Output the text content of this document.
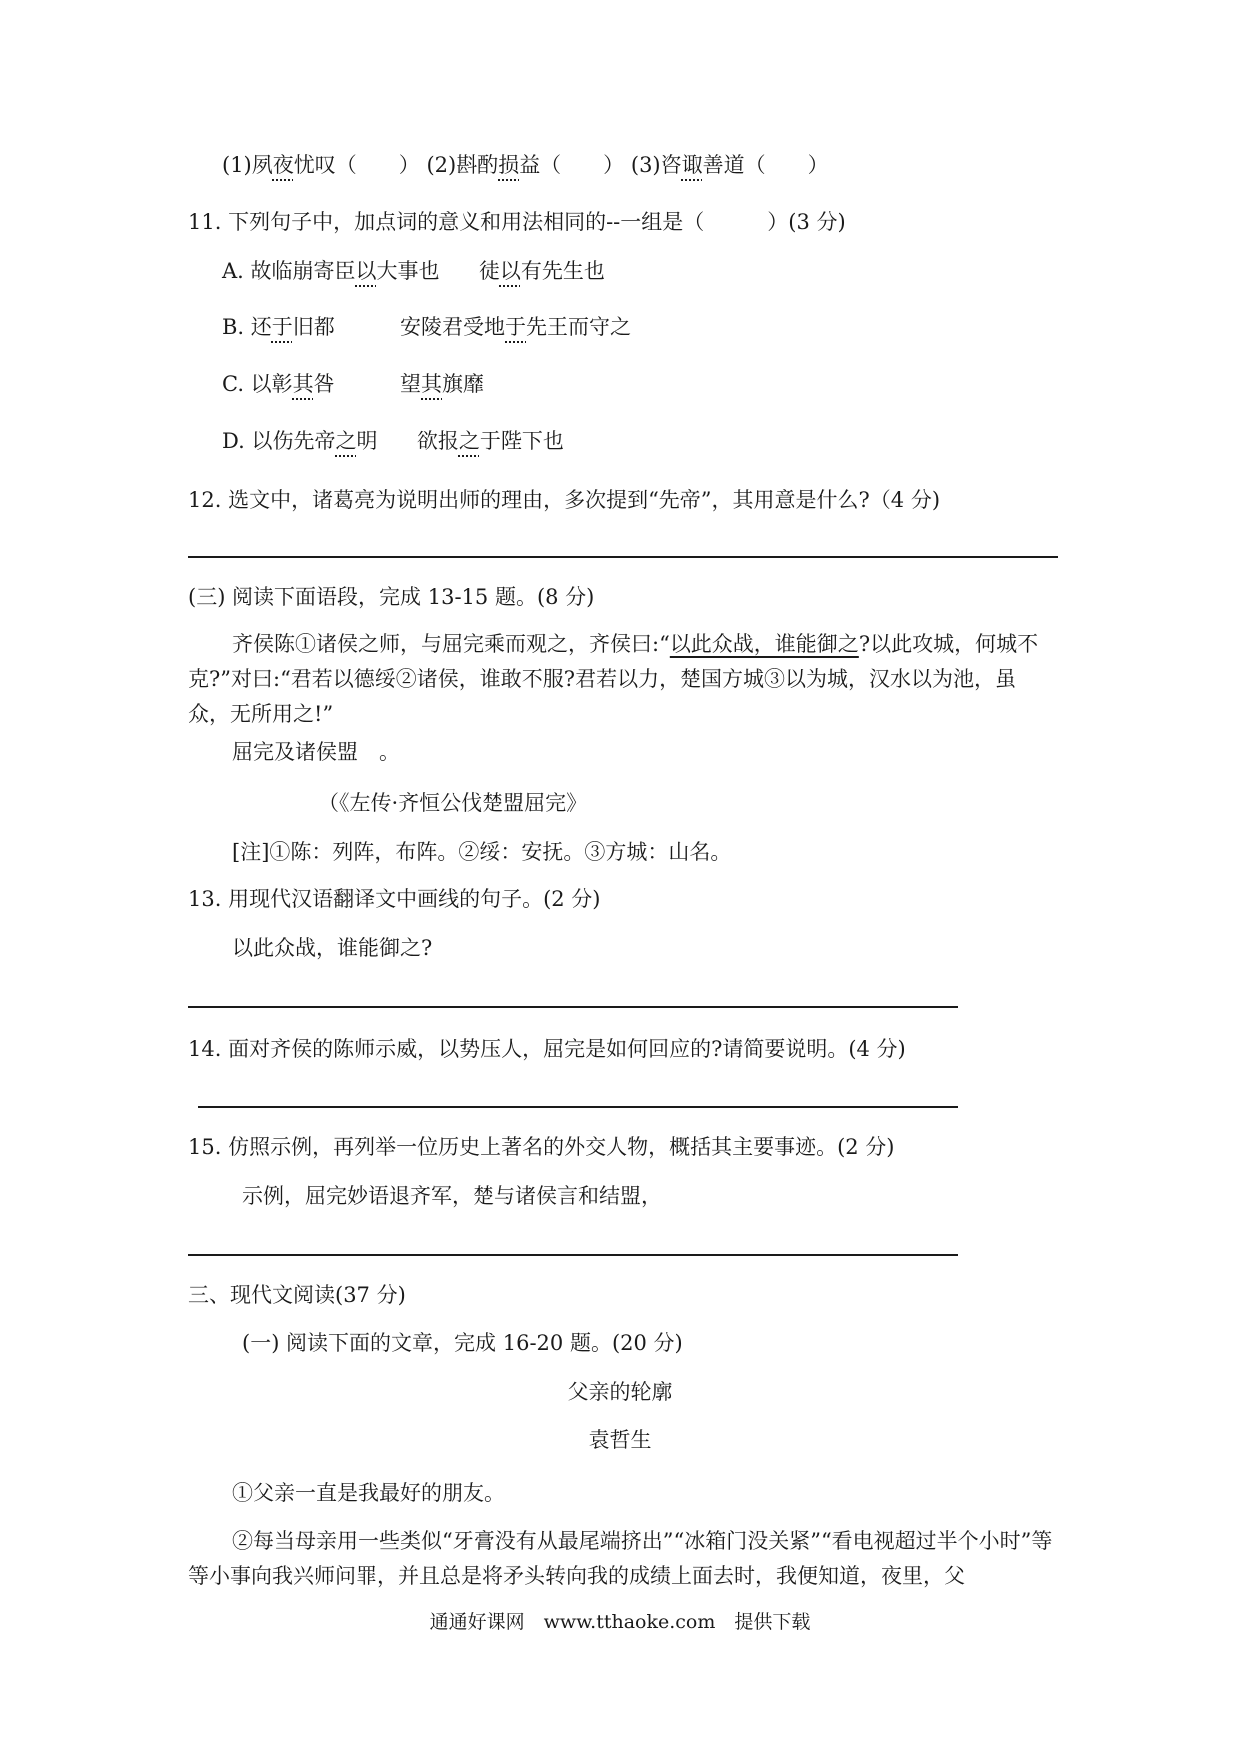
(1)夙夜忧叹（　　） (2)斟酌损益（　　） (3)咨诹善道（　　）
11. 下列句子中，加点词的意义和用法相同的--一组是（　　　）(3 分)
A. 故临崩寄臣以大事也 徒以有先生也
B. 还于旧都	安陵君受地于先王而守之
C. 以彰其咎	望其旗靡
D. 以伤先帝之明 欲报之于陛下也
12. 选文中，诸葛亮为说明出师的理由，多次提到“先帝”，其用意是什么?（4 分)
(三) 阅读下面语段，完成 13-15 题。(8 分)
齐侯陈①诸侯之师，与屈完乘而观之，齐侯曰:“以此众战，谁能御之?以此攻城，何城不克?”对曰:“君若以德绥②诸侯，谁敢不服?君若以力，楚国方城③以为城，汉水以为池，虽众，无所用之!”
屈完及诸侯盟　。
（《左传·齐恒公伐楚盟屈完》
[注]①陈：列阵，布阵。②绥：安抚。③方城：山名。
13. 用现代汉语翻译文中画线的句子。(2 分)
以此众战，谁能御之?
14. 面对齐侯的陈师示威，以势压人，屈完是如何回应的?请简要说明。(4 分)
15. 仿照示例，再列举一位历史上著名的外交人物，概括其主要事迹。(2 分)
示例，屈完妙语退齐军，楚与诸侯言和结盟，
三、现代文阅读(37 分)
(一) 阅读下面的文章，完成 16-20 题。(20 分)
父亲的轮廓
袁哲生
①父亲一直是我最好的朋友。
②每当母亲用一些类似“牙膏没有从最尾端挤出”“冰箱门没关紧”“看电视超过半个小时”等等小事向我兴师问罪，并且总是将矛头转向我的成绩上面去时，我便知道，夜里，父
通通好课网　www.tthaoke.com　提供下载
